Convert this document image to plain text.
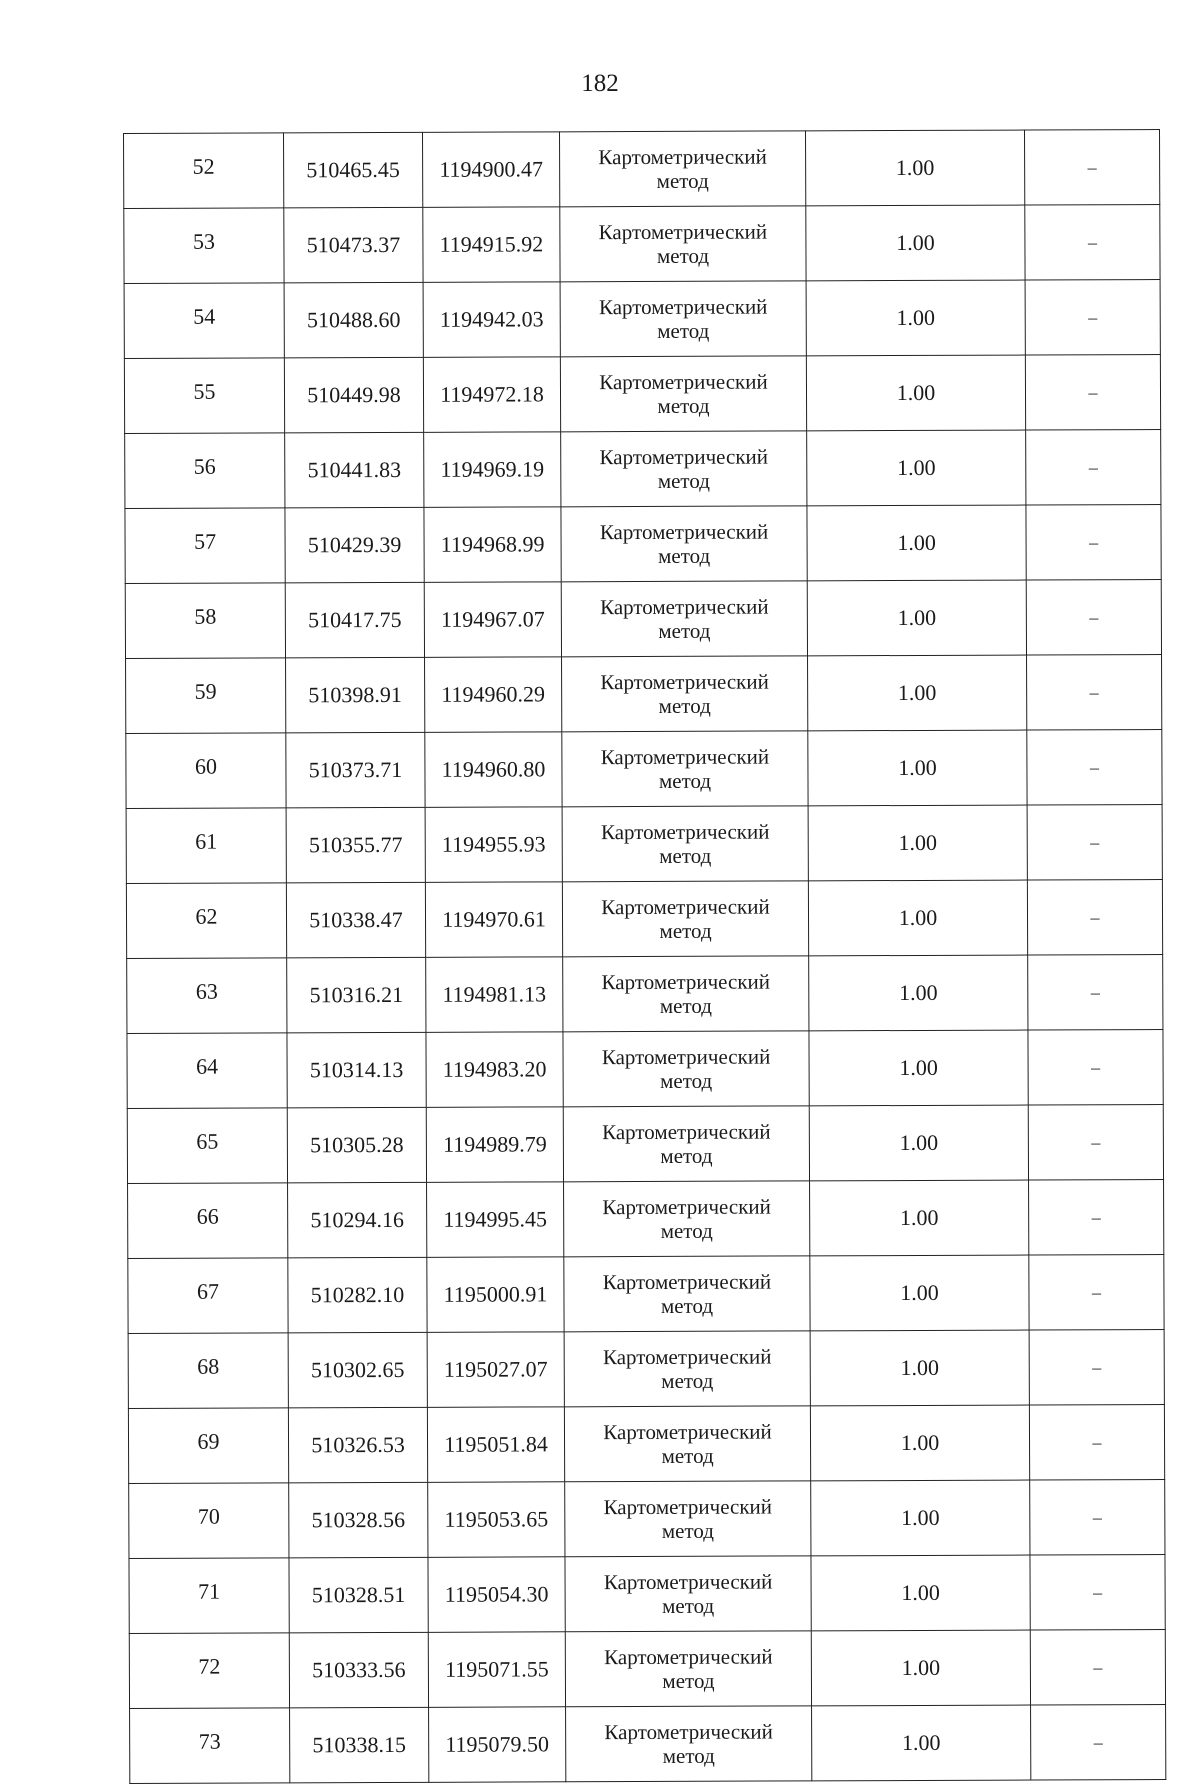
182
52	510465.45	1194900.47	Картометрический
метод	1.00	–
53	510473.37	1194915.92	Картометрический
метод	1.00	–
54	510488.60	1194942.03	Картометрический
метод	1.00	–
55	510449.98	1194972.18	Картометрический
метод	1.00	–
56	510441.83	1194969.19	Картометрический
метод	1.00	–
57	510429.39	1194968.99	Картометрический
метод	1.00	–
58	510417.75	1194967.07	Картометрический
метод	1.00	–
59	510398.91	1194960.29	Картометрический
метод	1.00	–
60	510373.71	1194960.80	Картометрический
метод	1.00	–
61	510355.77	1194955.93	Картометрический
метод	1.00	–
62	510338.47	1194970.61	Картометрический
метод	1.00	–
63	510316.21	1194981.13	Картометрический
метод	1.00	–
64	510314.13	1194983.20	Картометрический
метод	1.00	–
65	510305.28	1194989.79	Картометрический
метод	1.00	–
66	510294.16	1194995.45	Картометрический
метод	1.00	–
67	510282.10	1195000.91	Картометрический
метод	1.00	–
68	510302.65	1195027.07	Картометрический
метод	1.00	–
69	510326.53	1195051.84	Картометрический
метод	1.00	–
70	510328.56	1195053.65	Картометрический
метод	1.00	–
71	510328.51	1195054.30	Картометрический
метод	1.00	–
72	510333.56	1195071.55	Картометрический
метод	1.00	–
73	510338.15	1195079.50	Картометрический
метод	1.00	–
